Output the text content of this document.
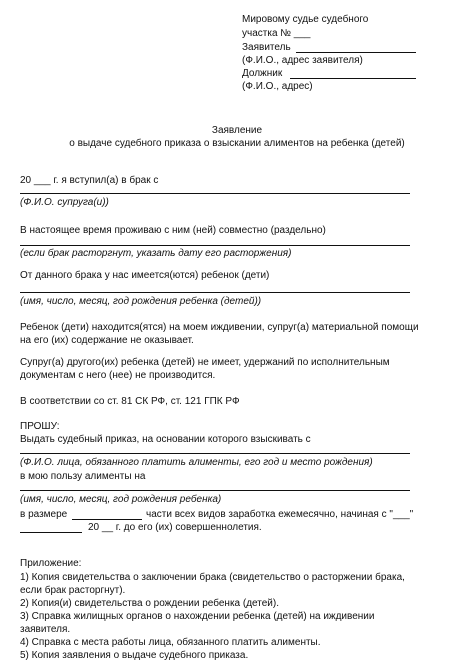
Мировому судье судебного
участка № ___
Заявитель
(Ф.И.О., адрес заявителя)
Должник
(Ф.И.О., адрес)
Заявление
о выдаче судебного приказа о взыскании алиментов на ребенка (детей)
20 ___ г. я вступил(а) в брак с
(Ф.И.О. супруга(и))
В настоящее время проживаю с ним (ней) совместно (раздельно)
(если брак расторгнут, указать дату его расторжения)
От данного брака у нас имеется(ются) ребенок (дети)
(имя, число, месяц, год рождения ребенка (детей))
Ребенок (дети) находится(ятся) на моем иждивении, супруг(а) материальной помощи
на его (их) содержание не оказывает.
Супруг(а) другого(их) ребенка (детей) не имеет, удержаний по исполнительным
документам с него (нее) не производится.
В соответствии со ст. 81 СК РФ, ст. 121 ГПК РФ
ПРОШУ:
Выдать судебный приказ, на основании которого взыскивать с
(Ф.И.О. лица, обязанного платить алименты, его год и место рождения)
в мою пользу алименты на
(имя, число, месяц, год рождения ребенка)
в размере	части всех видов заработка ежемесячно, начиная с "___"
20 __ г. до его (их) совершеннолетия.
Приложение:
1) Копия свидетельства о заключении брака (свидетельство о расторжении брака,
если брак расторгнут).
2) Копия(и) свидетельства о рождении ребенка (детей).
3) Справка жилищных органов о нахождении ребенка (детей) на иждивении
заявителя.
4) Справка с места работы лица, обязанного платить алименты.
5) Копия заявления о выдаче судебного приказа.
